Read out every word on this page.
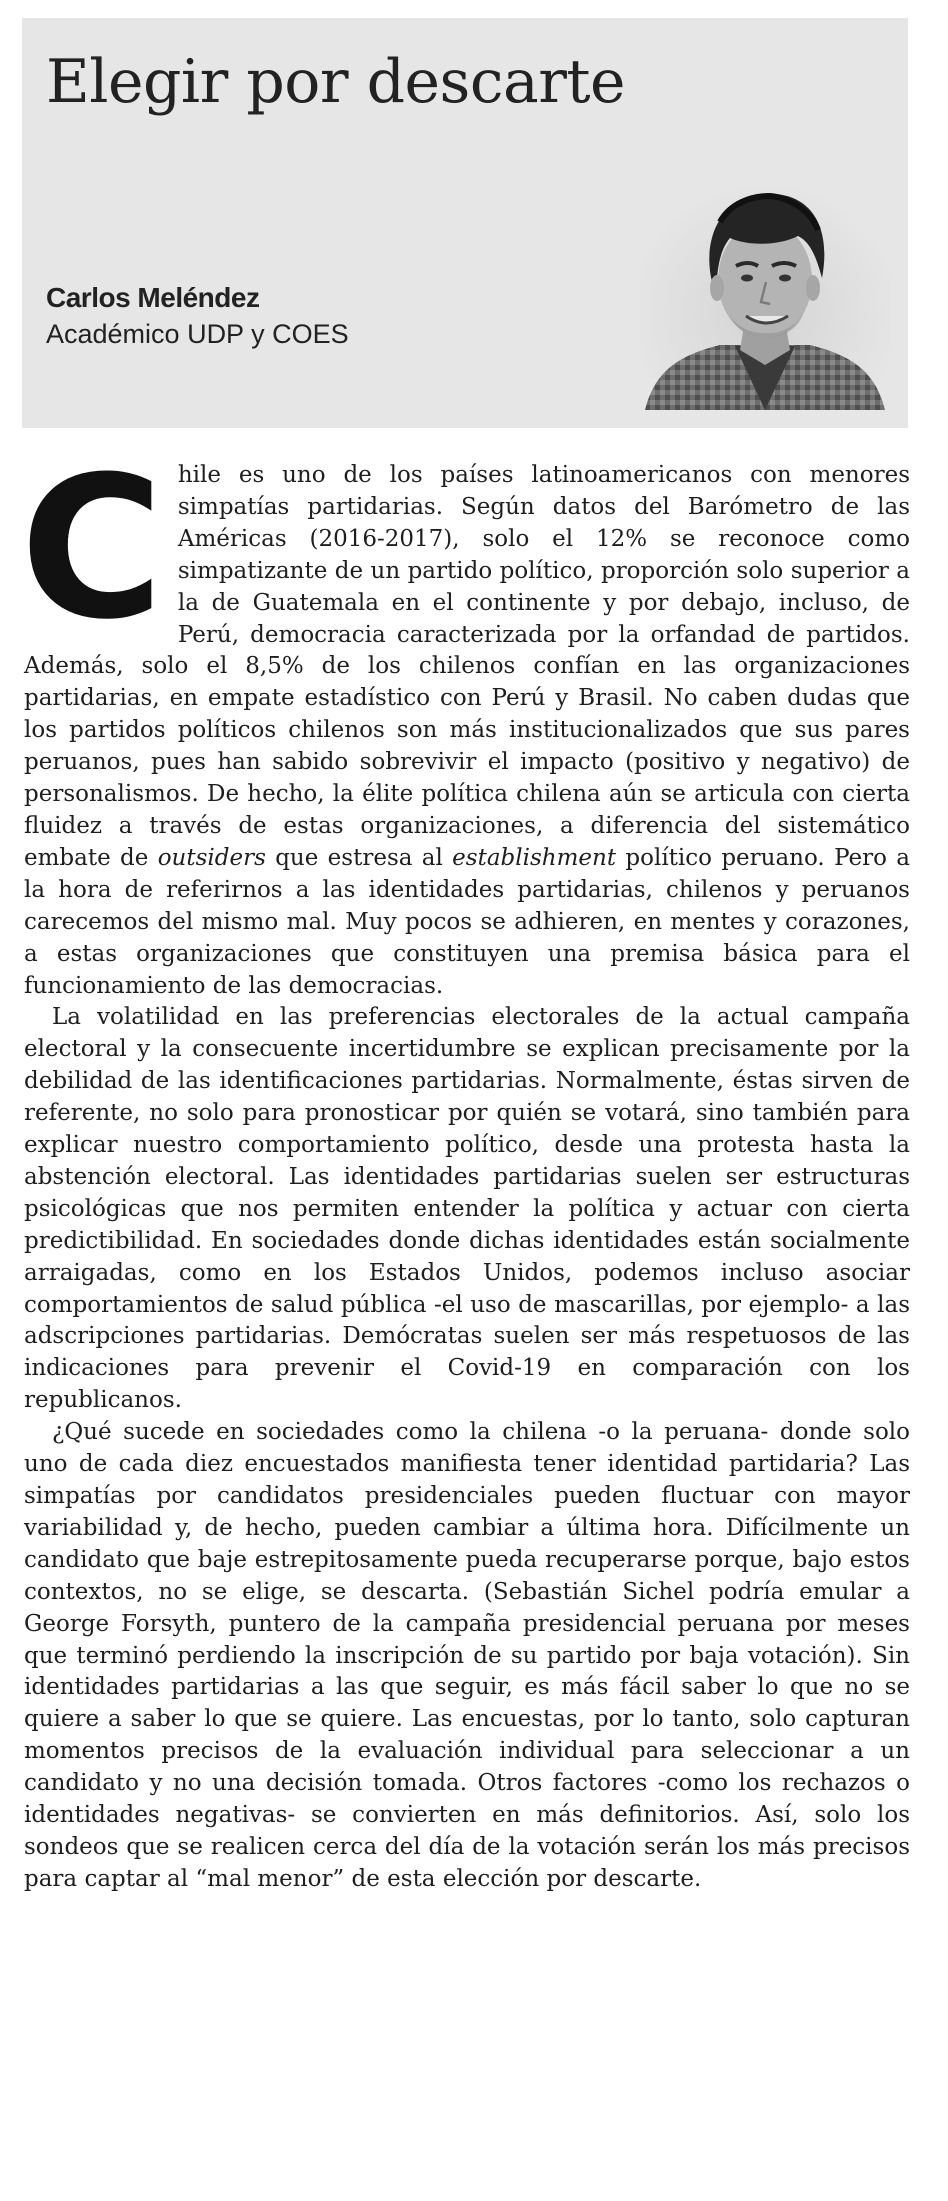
Elegir por descarte
Carlos Meléndez
Académico UDP y COES

Chile es uno de los países latinoamericanos con menores simpatías partidarias. Según datos del Barómetro de las Américas (2016-2017), solo el 12% se reconoce como simpatizante de un partido político, proporción solo superior a la de Guatemala en el continente y por debajo, incluso, de Perú, democracia caracterizada por la orfandad de partidos. Además, solo el 8,5% de los chilenos confían en las organizaciones partidarias, en empate estadístico con Perú y Brasil. No caben dudas que los partidos políticos chilenos son más institucionalizados que sus pares peruanos, pues han sabido sobrevivir el impacto (positivo y negativo) de personalismos. De hecho, la élite política chilena aún se articula con cierta fluidez a través de estas organizaciones, a diferencia del sistemático embate de outsiders que estresa al establishment político peruano. Pero a la hora de referirnos a las identidades partidarias, chilenos y peruanos carecemos del mismo mal. Muy pocos se adhieren, en mentes y corazones, a estas organizaciones que constituyen una premisa básica para el funcionamiento de las democracias.

La volatilidad en las preferencias electorales de la actual campaña electoral y la consecuente incertidumbre se explican precisamente por la debilidad de las identificaciones partidarias. Normalmente, éstas sirven de referente, no solo para pronosticar por quién se votará, sino también para explicar nuestro comportamiento político, desde una protesta hasta la abstención electoral. Las identidades partidarias suelen ser estructuras psicológicas que nos permiten entender la política y actuar con cierta predictibilidad. En sociedades donde dichas identidades están socialmente arraigadas, como en los Estados Unidos, podemos incluso asociar comportamientos de salud pública -el uso de mascarillas, por ejemplo- a las adscripciones partidarias. Demócratas suelen ser más respetuosos de las indicaciones para prevenir el Covid-19 en comparación con los republicanos.

¿Qué sucede en sociedades como la chilena -o la peruana- donde solo uno de cada diez encuestados manifiesta tener identidad partidaria? Las simpatías por candidatos presidenciales pueden fluctuar con mayor variabilidad y, de hecho, pueden cambiar a última hora. Difícilmente un candidato que baje estrepitosamente pueda recuperarse porque, bajo estos contextos, no se elige, se descarta. (Sebastián Sichel podría emular a George Forsyth, puntero de la campaña presidencial peruana por meses que terminó perdiendo la inscripción de su partido por baja votación). Sin identidades partidarias a las que seguir, es más fácil saber lo que no se quiere a saber lo que se quiere. Las encuestas, por lo tanto, solo capturan momentos precisos de la evaluación individual para seleccionar a un candidato y no una decisión tomada. Otros factores -como los rechazos o identidades negativas- se convierten en más definitorios. Así, solo los sondeos que se realicen cerca del día de la votación serán los más precisos para captar al “mal menor” de esta elección por descarte.
